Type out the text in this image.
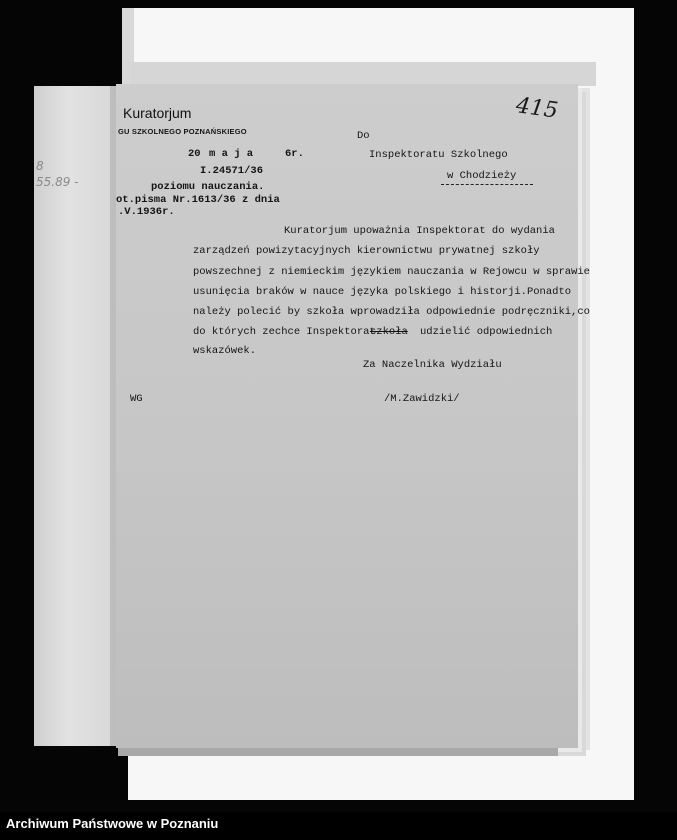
8
55.89 -
Kuratorjum
GU SZKOLNEGO POZNAŃSKIEGO
20 m a j a	6r.
I.24571/36
poziomu nauczania.
ot.pisma Nr.1613/36 z dnia
.V.1936r.
Do
Inspektoratu Szkolnego
w Chodzieży
415
Kuratorjum upoważnia Inspektorat do wydania
zarządzeń powizytacyjnych kierownictwu prywatnej szkoły
powszechnej z niemieckim językiem nauczania w Rejowcu w sprawie
usunięcia braków w nauce języka polskiego i historji.Ponadto
należy polecić by szkoła wprowadziła odpowiednie podręczniki,co
do których zechce Inspektorat
szkoła udzielić odpowiednich
wskazówek.
Za Naczelnika Wydziału
WG	/M.Zawidzki/
Archiwum Państwowe w Poznaniu
